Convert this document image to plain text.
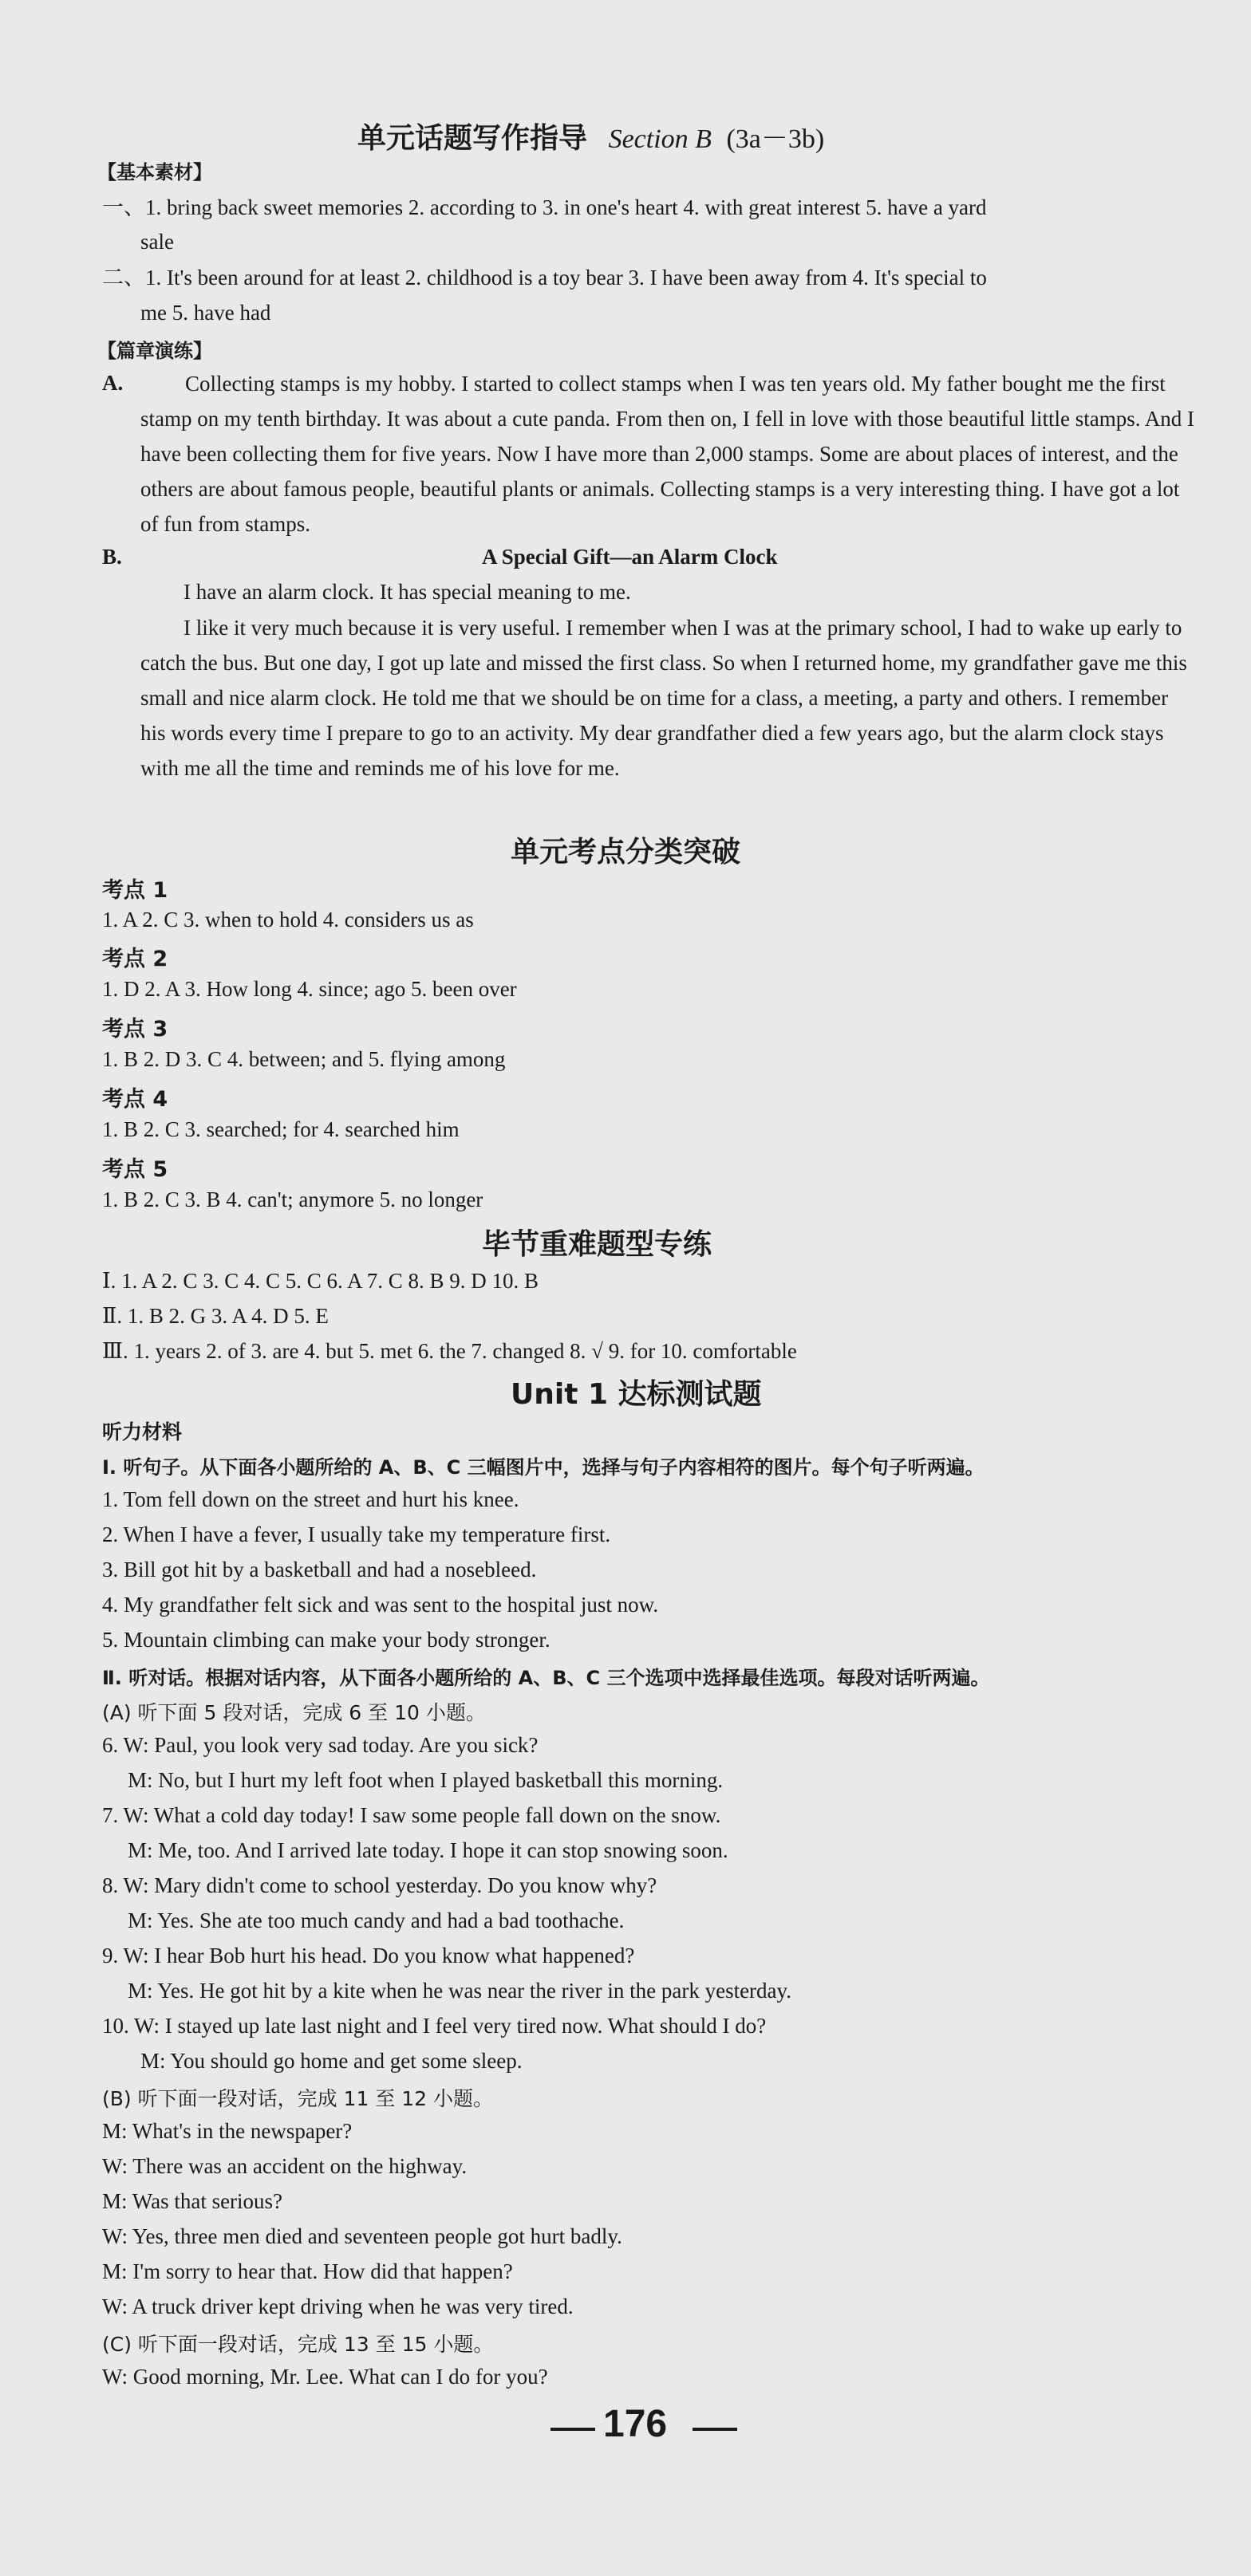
单元话题写作指导 Section B (3a－3b)
【基本素材】
一、1. bring back sweet memories 2. according to 3. in one's heart 4. with great interest 5. have a yard
sale
二、1. It's been around for at least 2. childhood is a toy bear 3. I have been away from 4. It's special to
me 5. have had
【篇章演练】
A.	Collecting stamps is my hobby. I started to collect stamps when I was ten years old. My father bought me the first stamp on my tenth birthday. It was about a cute panda. From then on, I fell in love with those beautiful little stamps. And I have been collecting them for five years. Now I have more than 2,000 stamps. Some are about places of interest, and the others are about famous people, beautiful plants or animals. Collecting stamps is a very interesting thing. I have got a lot of fun from stamps.
B.	A Special Gift—an Alarm Clock
I have an alarm clock. It has special meaning to me.
I like it very much because it is very useful. I remember when I was at the primary school, I had to wake up early to catch the bus. But one day, I got up late and missed the first class. So when I returned home, my grandfather gave me this small and nice alarm clock. He told me that we should be on time for a class, a meeting, a party and others. I remember his words every time I prepare to go to an activity. My dear grandfather died a few years ago, but the alarm clock stays with me all the time and reminds me of his love for me.
单元考点分类突破
考点 1
1. A 2. C 3. when to hold 4. considers us as
考点 2
1. D 2. A 3. How long 4. since; ago 5. been over
考点 3
1. B 2. D 3. C 4. between; and 5. flying among
考点 4
1. B 2. C 3. searched; for 4. searched him
考点 5
1. B 2. C 3. B 4. can't; anymore 5. no longer
毕节重难题型专练
Ⅰ. 1. A 2. C 3. C 4. C 5. C 6. A 7. C 8. B 9. D 10. B
Ⅱ. 1. B 2. G 3. A 4. D 5. E
Ⅲ. 1. years 2. of 3. are 4. but 5. met 6. the 7. changed 8. √ 9. for 10. comfortable
Unit 1 达标测试题
听力材料
Ⅰ. 听句子。从下面各小题所给的 A、B、C 三幅图片中，选择与句子内容相符的图片。每个句子听两遍。
1. Tom fell down on the street and hurt his knee.
2. When I have a fever, I usually take my temperature first.
3. Bill got hit by a basketball and had a nosebleed.
4. My grandfather felt sick and was sent to the hospital just now.
5. Mountain climbing can make your body stronger.
Ⅱ. 听对话。根据对话内容，从下面各小题所给的 A、B、C 三个选项中选择最佳选项。每段对话听两遍。
(A) 听下面 5 段对话，完成 6 至 10 小题。
6. W: Paul, you look very sad today. Are you sick?
M: No, but I hurt my left foot when I played basketball this morning.
7. W: What a cold day today! I saw some people fall down on the snow.
M: Me, too. And I arrived late today. I hope it can stop snowing soon.
8. W: Mary didn't come to school yesterday. Do you know why?
M: Yes. She ate too much candy and had a bad toothache.
9. W: I hear Bob hurt his head. Do you know what happened?
M: Yes. He got hit by a kite when he was near the river in the park yesterday.
10. W: I stayed up late last night and I feel very tired now. What should I do?
M: You should go home and get some sleep.
(B) 听下面一段对话，完成 11 至 12 小题。
M: What's in the newspaper?
W: There was an accident on the highway.
M: Was that serious?
W: Yes, three men died and seventeen people got hurt badly.
M: I'm sorry to hear that. How did that happen?
W: A truck driver kept driving when he was very tired.
(C) 听下面一段对话，完成 13 至 15 小题。
W: Good morning, Mr. Lee. What can I do for you?
176
